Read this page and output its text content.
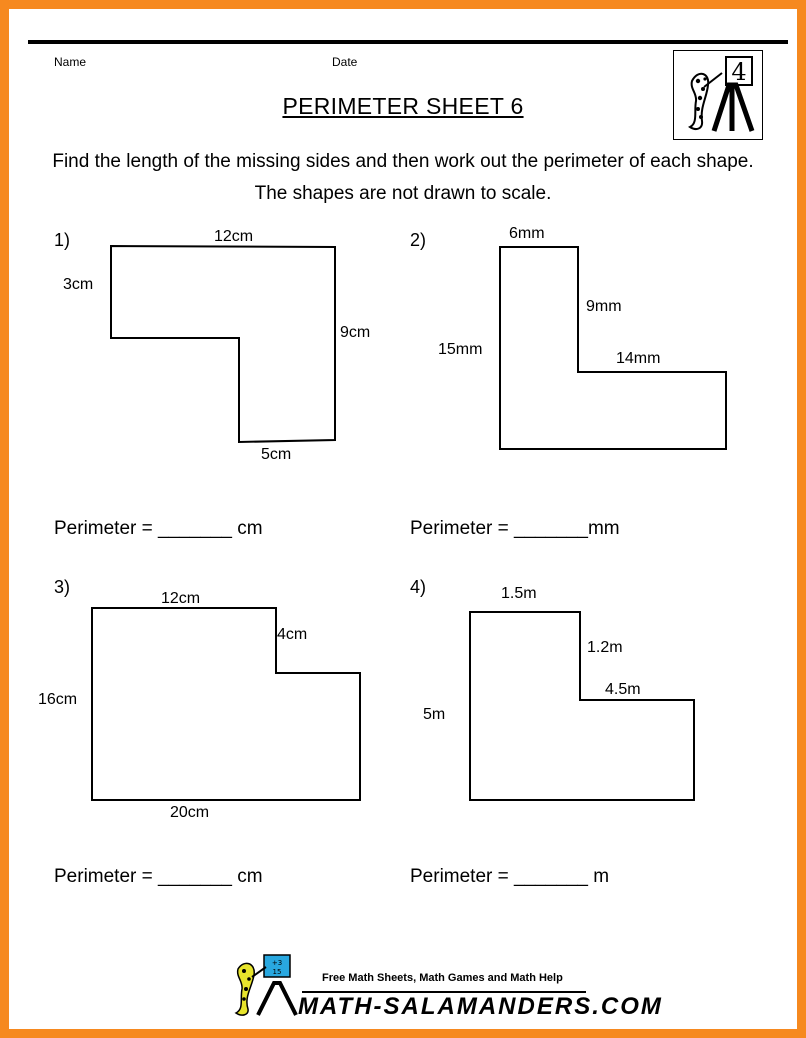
Name	Date	4
PERIMETER SHEET 6
Find the length of the missing sides and then work out the perimeter of each shape. The shapes are not drawn to scale.
1)	12cm
3cm
9cm
5cm
Perimeter = _______ cm
2)	6mm
9mm
15mm
14mm
Perimeter = _______mm
3)
12cm
4cm
16cm
20cm
Perimeter = _______ cm
4)	1.5m
1.2m
4.5m
5m
Perimeter = _______ m
+3
15	Free Math Sheets, Math Games and Math Help
MATH-SALAMANDERS.COM
